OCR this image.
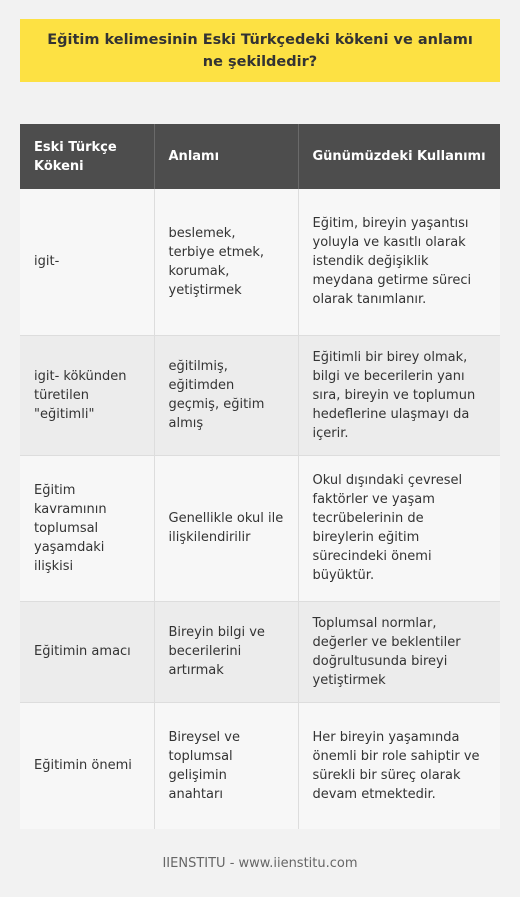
Eğitim kelimesinin Eski Türkçedeki kökeni ve anlamı ne şekildedir?
Eski Türkçe Kökeni	Anlamı	Günümüzdeki Kullanımı
igit-	beslemek, terbiye etmek, korumak, yetiştirmek	Eğitim, bireyin yaşantısı yoluyla ve kasıtlı olarak istendik değişiklik meydana getirme süreci olarak tanımlanır.
igit- kökünden türetilen "eğitimli"	eğitilmiş, eğitimden geçmiş, eğitim almış	Eğitimli bir birey olmak, bilgi ve becerilerin yanı sıra, bireyin ve toplumun hedeflerine ulaşmayı da içerir.
Eğitim kavramının toplumsal yaşamdaki ilişkisi	Genellikle okul ile ilişkilendirilir	Okul dışındaki çevresel faktörler ve yaşam tecrübelerinin de bireylerin eğitim sürecindeki önemi büyüktür.
Eğitimin amacı	Bireyin bilgi ve becerilerini artırmak	Toplumsal normlar, değerler ve beklentiler doğrultusunda bireyi yetiştirmek
Eğitimin önemi	Bireysel ve toplumsal gelişimin anahtarı	Her bireyin yaşamında önemli bir role sahiptir ve sürekli bir süreç olarak devam etmektedir.
IIENSTITU - www.iienstitu.com
